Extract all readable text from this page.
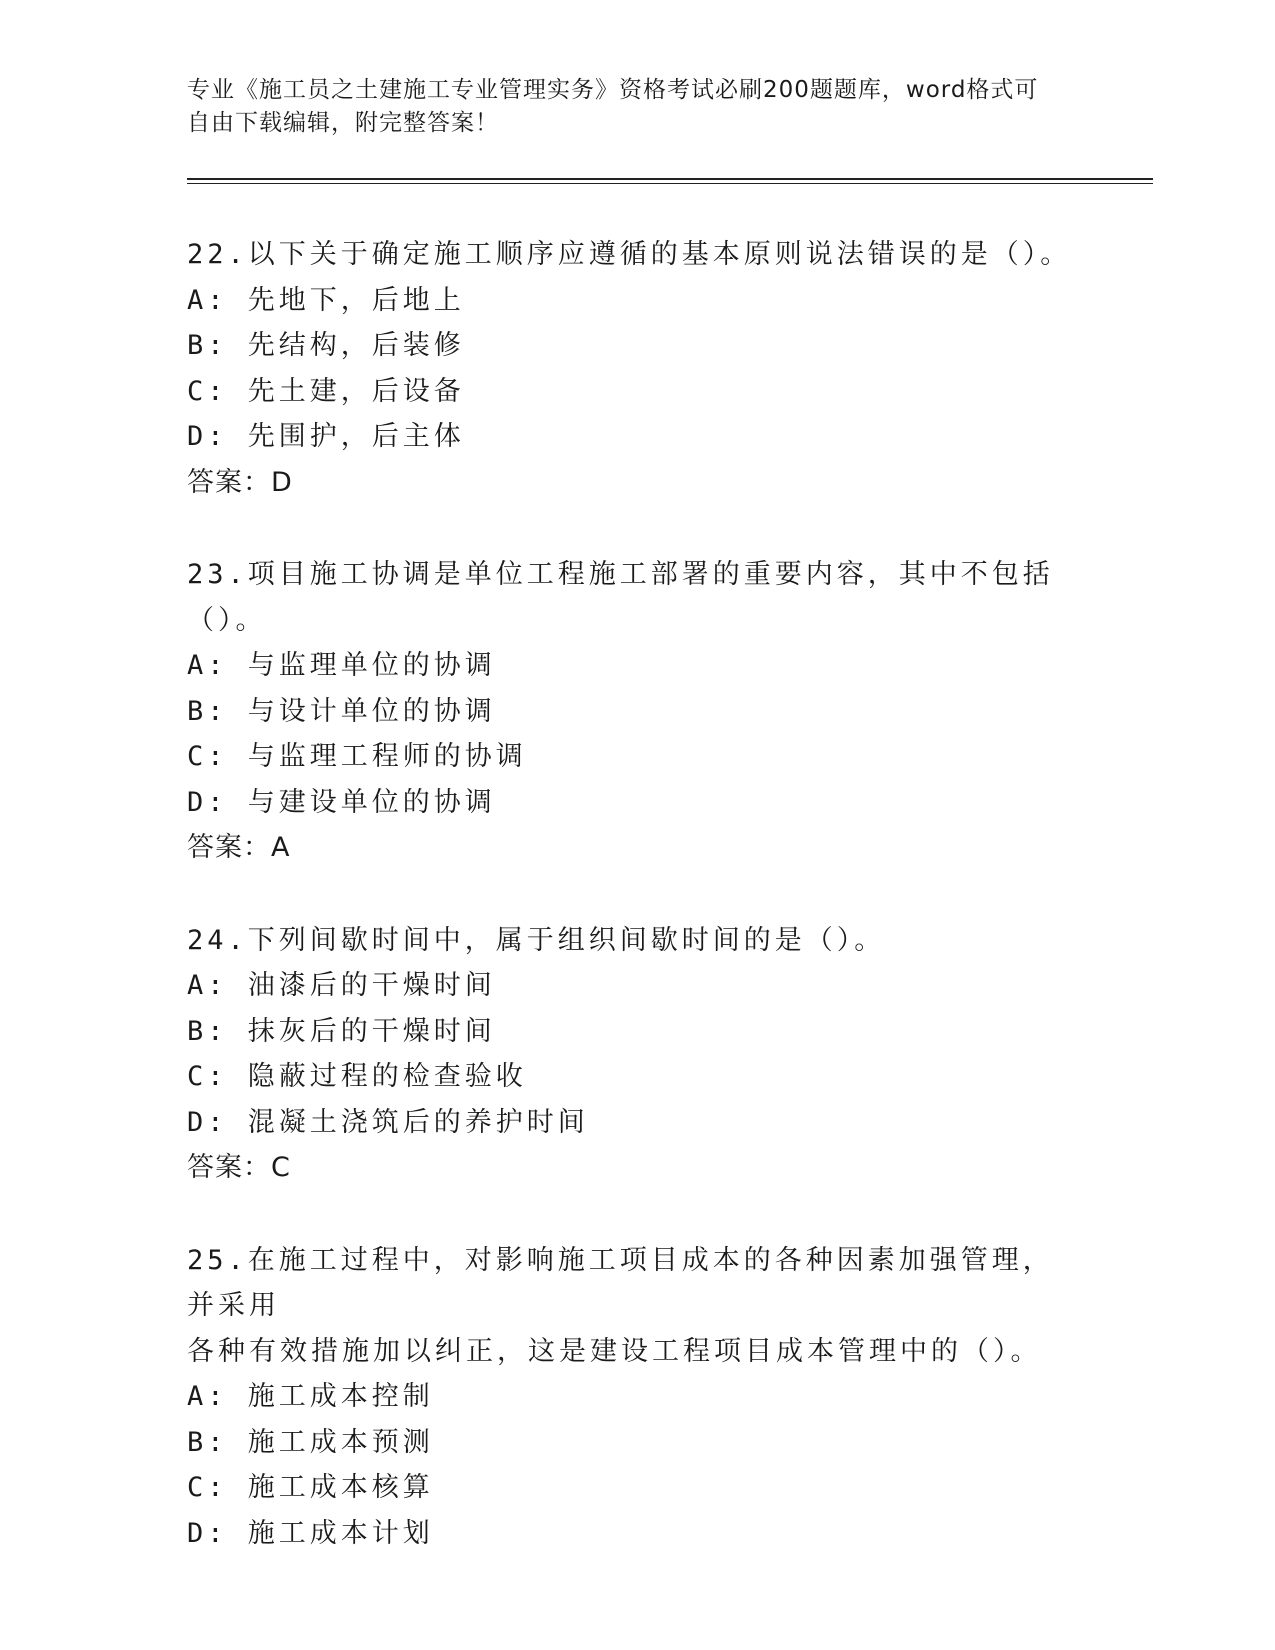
专业《施工员之土建施工专业管理实务》资格考试必刷200题题库，word格式可
自由下载编辑，附完整答案！

22.以下关于确定施工顺序应遵循的基本原则说法错误的是（）。

A: 先地下，后地上

B: 先结构，后装修

C: 先土建，后设备

D: 先围护，后主体

答案：D

23.项目施工协调是单位工程施工部署的重要内容，其中不包括（）。

A: 与监理单位的协调

B: 与设计单位的协调

C: 与监理工程师的协调

D: 与建设单位的协调

答案：A

24.下列间歇时间中，属于组织间歇时间的是（）。

A: 油漆后的干燥时间

B: 抹灰后的干燥时间

C: 隐蔽过程的检查验收

D: 混凝土浇筑后的养护时间

答案：C

25.在施工过程中，对影响施工项目成本的各种因素加强管理，并采用

各种有效措施加以纠正，这是建设工程项目成本管理中的（）。

A: 施工成本控制

B: 施工成本预测

C: 施工成本核算

D: 施工成本计划
